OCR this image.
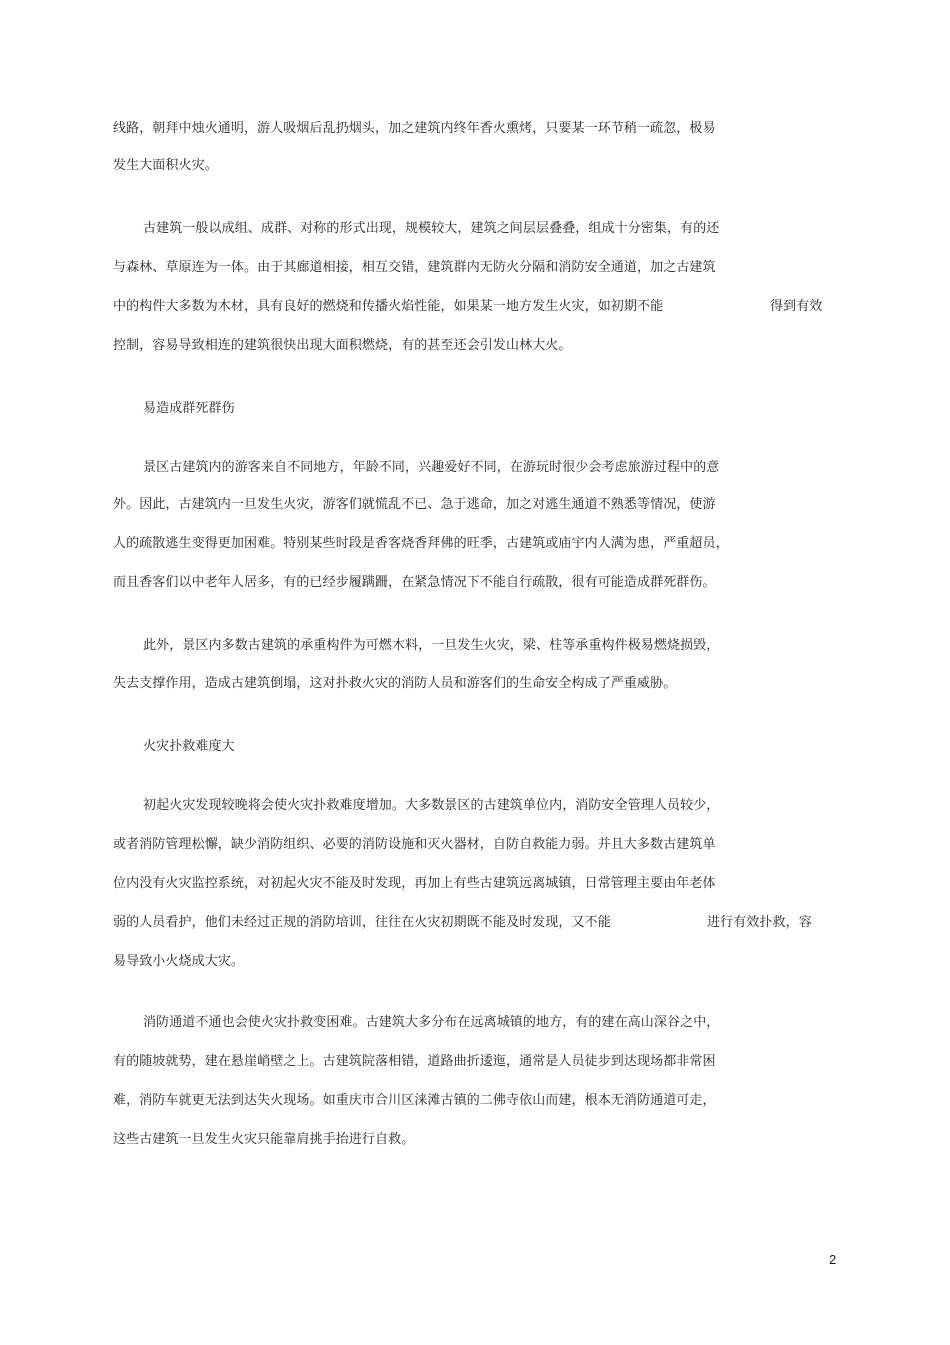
线路，朝拜中烛火通明，游人吸烟后乱扔烟头，加之建筑内终年香火熏烤，只要某一环节稍一疏忽，极易
发生大面积火灾。
古建筑一般以成组、成群、对称的形式出现，规模较大，建筑之间层层叠叠，组成十分密集，有的还
与森林、草原连为一体。由于其廊道相接，相互交错，建筑群内无防火分隔和消防安全通道，加之古建筑
中的构件大多数为木材，具有良好的燃烧和传播火焰性能，如果某一地方发生火灾，如初期不能	得到有效
控制，容易导致相连的建筑很快出现大面积燃烧，有的甚至还会引发山林大火。
易造成群死群伤
景区古建筑内的游客来自不同地方，年龄不同，兴趣爱好不同，在游玩时很少会考虑旅游过程中的意
外。因此，古建筑内一旦发生火灾，游客们就慌乱不已、急于逃命，加之对逃生通道不熟悉等情况，使游
人的疏散逃生变得更加困难。特别某些时段是香客烧香拜佛的旺季，古建筑或庙宇内人满为患，严重超员，
而且香客们以中老年人居多，有的已经步履蹒跚，在紧急情况下不能自行疏散，很有可能造成群死群伤。
此外，景区内多数古建筑的承重构件为可燃木料，一旦发生火灾，梁、柱等承重构件极易燃烧损毁，
失去支撑作用，造成古建筑倒塌，这对扑救火灾的消防人员和游客们的生命安全构成了严重威胁。
火灾扑救难度大
初起火灾发现较晚将会使火灾扑救难度增加。大多数景区的古建筑单位内，消防安全管理人员较少，
或者消防管理松懈，缺少消防组织、必要的消防设施和灭火器材，自防自救能力弱。并且大多数古建筑单
位内没有火灾监控系统，对初起火灾不能及时发现，再加上有些古建筑远离城镇，日常管理主要由年老体
弱的人员看护，他们未经过正规的消防培训，往往在火灾初期既不能及时发现，又不能	进行有效扑救，容
易导致小火烧成大灾。
消防通道不通也会使火灾扑救变困难。古建筑大多分布在远离城镇的地方，有的建在高山深谷之中，
有的随坡就势，建在悬崖峭壁之上。古建筑院落相错，道路曲折逶迤，通常是人员徒步到达现场都非常困
难，消防车就更无法到达失火现场。如重庆市合川区涞滩古镇的二佛寺依山而建，根本无消防通道可走，
这些古建筑一旦发生火灾只能靠肩挑手抬进行自救。
2
